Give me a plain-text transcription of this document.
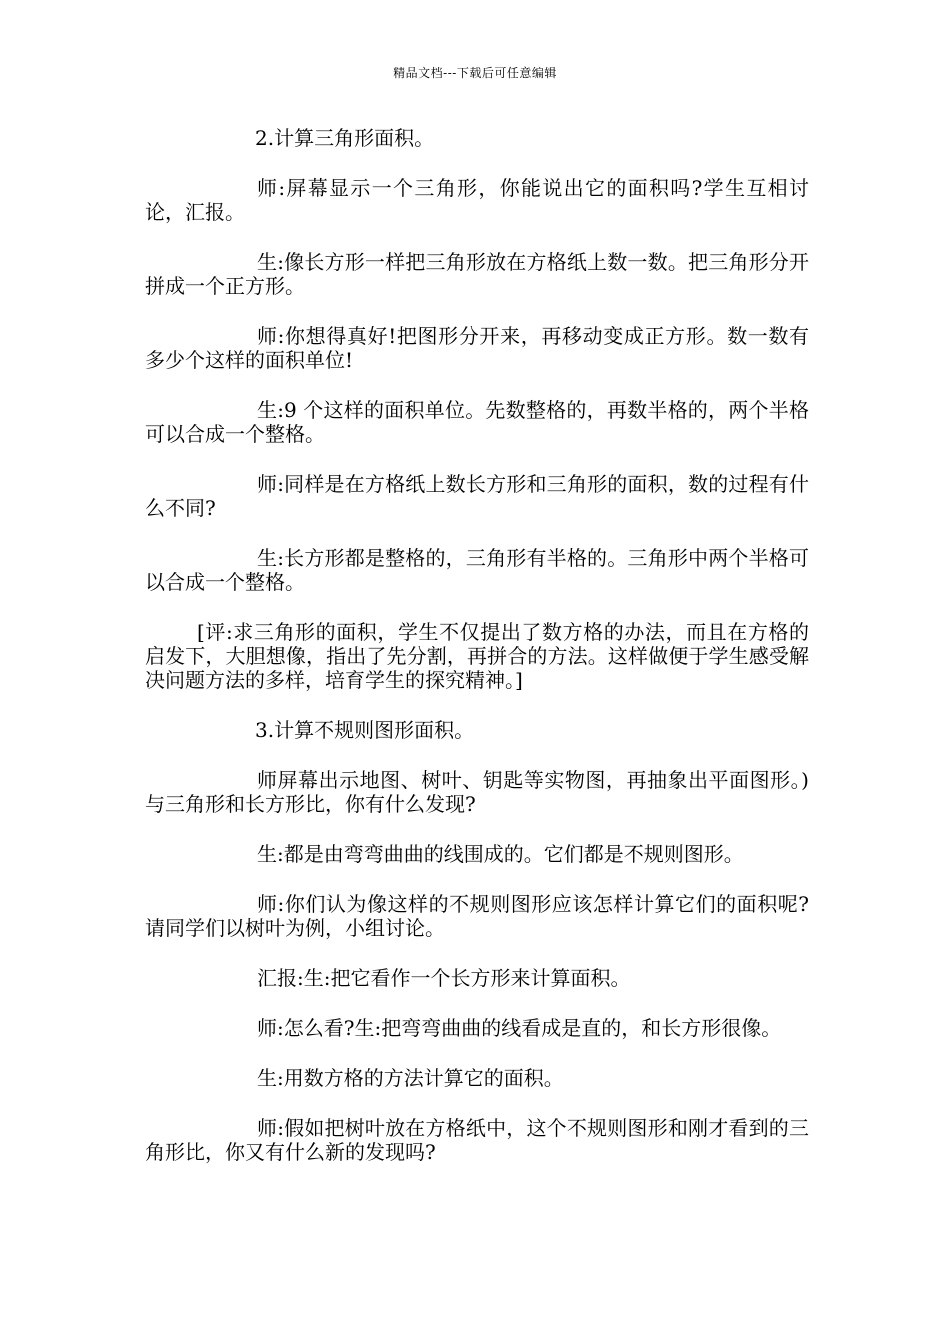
精品文档---下载后可任意编辑

2.计算三角形面积。

师:屏幕显示一个三角形，你能说出它的面积吗?学生互相讨论，汇报。

生:像长方形一样把三角形放在方格纸上数一数。把三角形分开拼成一个正方形。

师:你想得真好!把图形分开来，再移动变成正方形。数一数有多少个这样的面积单位!

生:9 个这样的面积单位。先数整格的，再数半格的，两个半格可以合成一个整格。

师:同样是在方格纸上数长方形和三角形的面积，数的过程有什么不同?

生:长方形都是整格的，三角形有半格的。三角形中两个半格可以合成一个整格。

[评:求三角形的面积，学生不仅提出了数方格的办法，而且在方格的启发下，大胆想像，指出了先分割，再拼合的方法。这样做便于学生感受解决问题方法的多样，培育学生的探究精神。]

3.计算不规则图形面积。

师屏幕出示地图、树叶、钥匙等实物图，再抽象出平面图形。)与三角形和长方形比，你有什么发现?

生:都是由弯弯曲曲的线围成的。它们都是不规则图形。

师:你们认为像这样的不规则图形应该怎样计算它们的面积呢?请同学们以树叶为例，小组讨论。

汇报:生:把它看作一个长方形来计算面积。

师:怎么看?生:把弯弯曲曲的线看成是直的，和长方形很像。

生:用数方格的方法计算它的面积。

师:假如把树叶放在方格纸中，这个不规则图形和刚才看到的三角形比，你又有什么新的发现吗?
